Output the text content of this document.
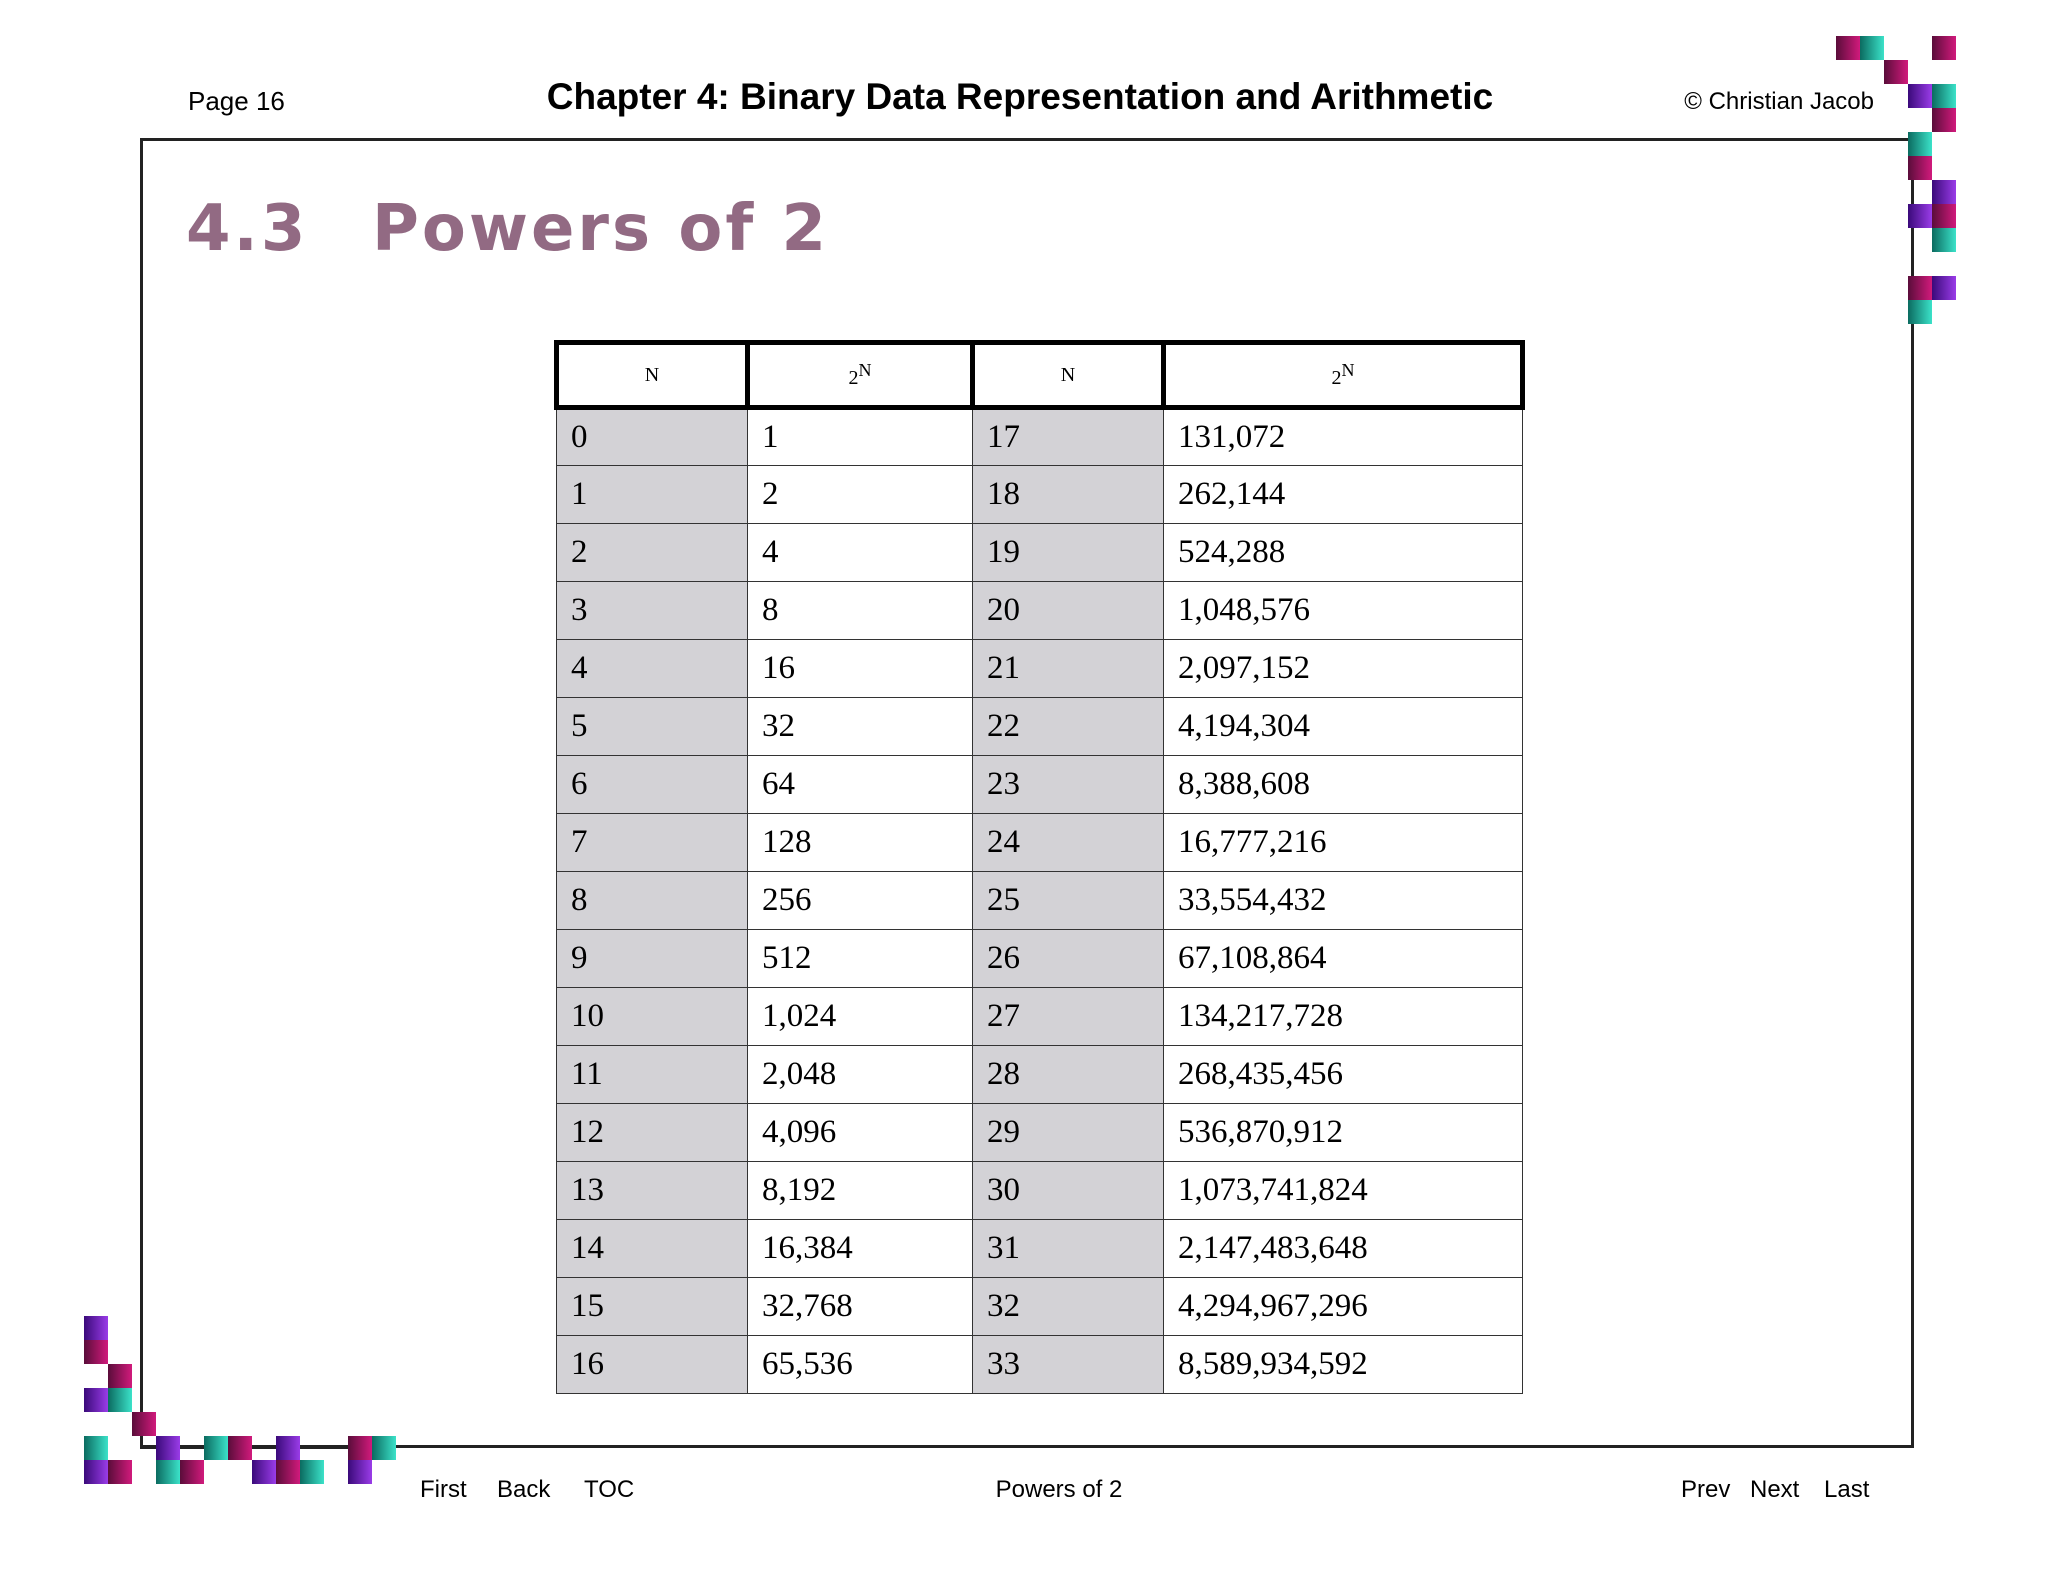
Page 16	Chapter 4: Binary Data Representation and Arithmetic	© Christian Jacob
4.3 Powers of 2
N	$2^N$	N	$2^N$
0	1	17	131,072
1	2	18	262,144
2	4	19	524,288
3	8	20	1,048,576
4	16	21	2,097,152
5	32	22	4,194,304
6	64	23	8,388,608
7	128	24	16,777,216
8	256	25	33,554,432
9	512	26	67,108,864
10	1,024	27	134,217,728
11	2,048	28	268,435,456
12	4,096	29	536,870,912
13	8,192	30	1,073,741,824
14	16,384	31	2,147,483,648
15	32,768	32	4,294,967,296
16	65,536	33	8,589,934,592
First Back TOC	Powers of 2	Prev Next Last
